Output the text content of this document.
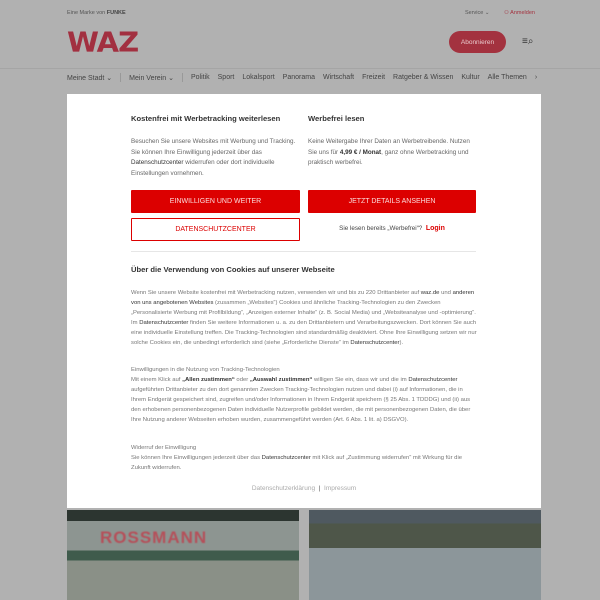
Eine Marke von FUNKE	Service ⌄	⚇ Anmelden
WAZ	Abonnieren	≡⌕
Meine Stadt ⌄ Mein Verein ⌄ Politik Sport Lokalsport Panorama Wirtschaft Freizeit Ratgeber & Wissen Kultur Alle Themen ›
Kostenfrei mit Werbetracking weiterlesen
Besuchen Sie unsere Websites mit Werbung und Tracking. Sie können Ihre Einwilligung jederzeit über das Datenschutzcenter widerrufen oder dort individuelle Einstellungen vornehmen.
EINWILLIGEN UND WEITER
DATENSCHUTZCENTER
Werbefrei lesen
Keine Weitergabe Ihrer Daten an Werbetreibende. Nutzen Sie uns für 4,99 € / Monat, ganz ohne Werbetracking und praktisch werbefrei.
JETZT DETAILS ANSEHEN
Sie lesen bereits „Werbefrei“? Login
Über die Verwendung von Cookies auf unserer Webseite
Wenn Sie unsere Website kostenfrei mit Werbetracking nutzen, verwenden wir und bis zu 220 Drittanbieter auf waz.de und anderen von uns angebotenen Websites (zusammen „Websites“) Cookies und ähnliche Tracking-Technologien zu den Zwecken „Personalisierte Werbung mit Profilbildung“, „Anzeigen externer Inhalte“ (z. B. Social Media) und „Websiteanalyse und -optimierung“. Im Datenschutzcenter finden Sie weitere Informationen u. a. zu den Drittanbietern und Verarbeitungszwecken. Dort können Sie auch eine individuelle Einstellung treffen. Die Tracking-Technologien sind standardmäßig deaktiviert. Ohne Ihre Einwilligung setzen wir nur solche Cookies ein, die unbedingt erforderlich sind (siehe „Erforderliche Dienste“ im Datenschutzcenter).
Einwilligungen in die Nutzung von Tracking-Technologien
Mit einem Klick auf „Allen zustimmen“ oder „Auswahl zustimmen“ willigen Sie ein, dass wir und die im Datenschutzcenter aufgeführten Drittanbieter zu den dort genannten Zwecken Tracking-Technologien nutzen und dabei (i) auf Informationen, die in Ihrem Endgerät gespeichert sind, zugreifen und/oder Informationen in Ihrem Endgerät speichern (§ 25 Abs. 1 TDDDG) und (ii) aus den erhobenen personenbezogenen Daten individuelle Nutzerprofile gebildet werden, die mit personenbezogenen Daten, die über Ihre Nutzung anderer Webseiten erhoben wurden, zusammengeführt werden (Art. 6 Abs. 1 lit. a) DSGVO).
Widerruf der Einwilligung
Sie können Ihre Einwilligungen jederzeit über das Datenschutzcenter mit Klick auf „Zustimmung widerrufen“ mit Wirkung für die Zukunft widerrufen.
Datenschutzerklärung | Impressum
ROSSMANN
